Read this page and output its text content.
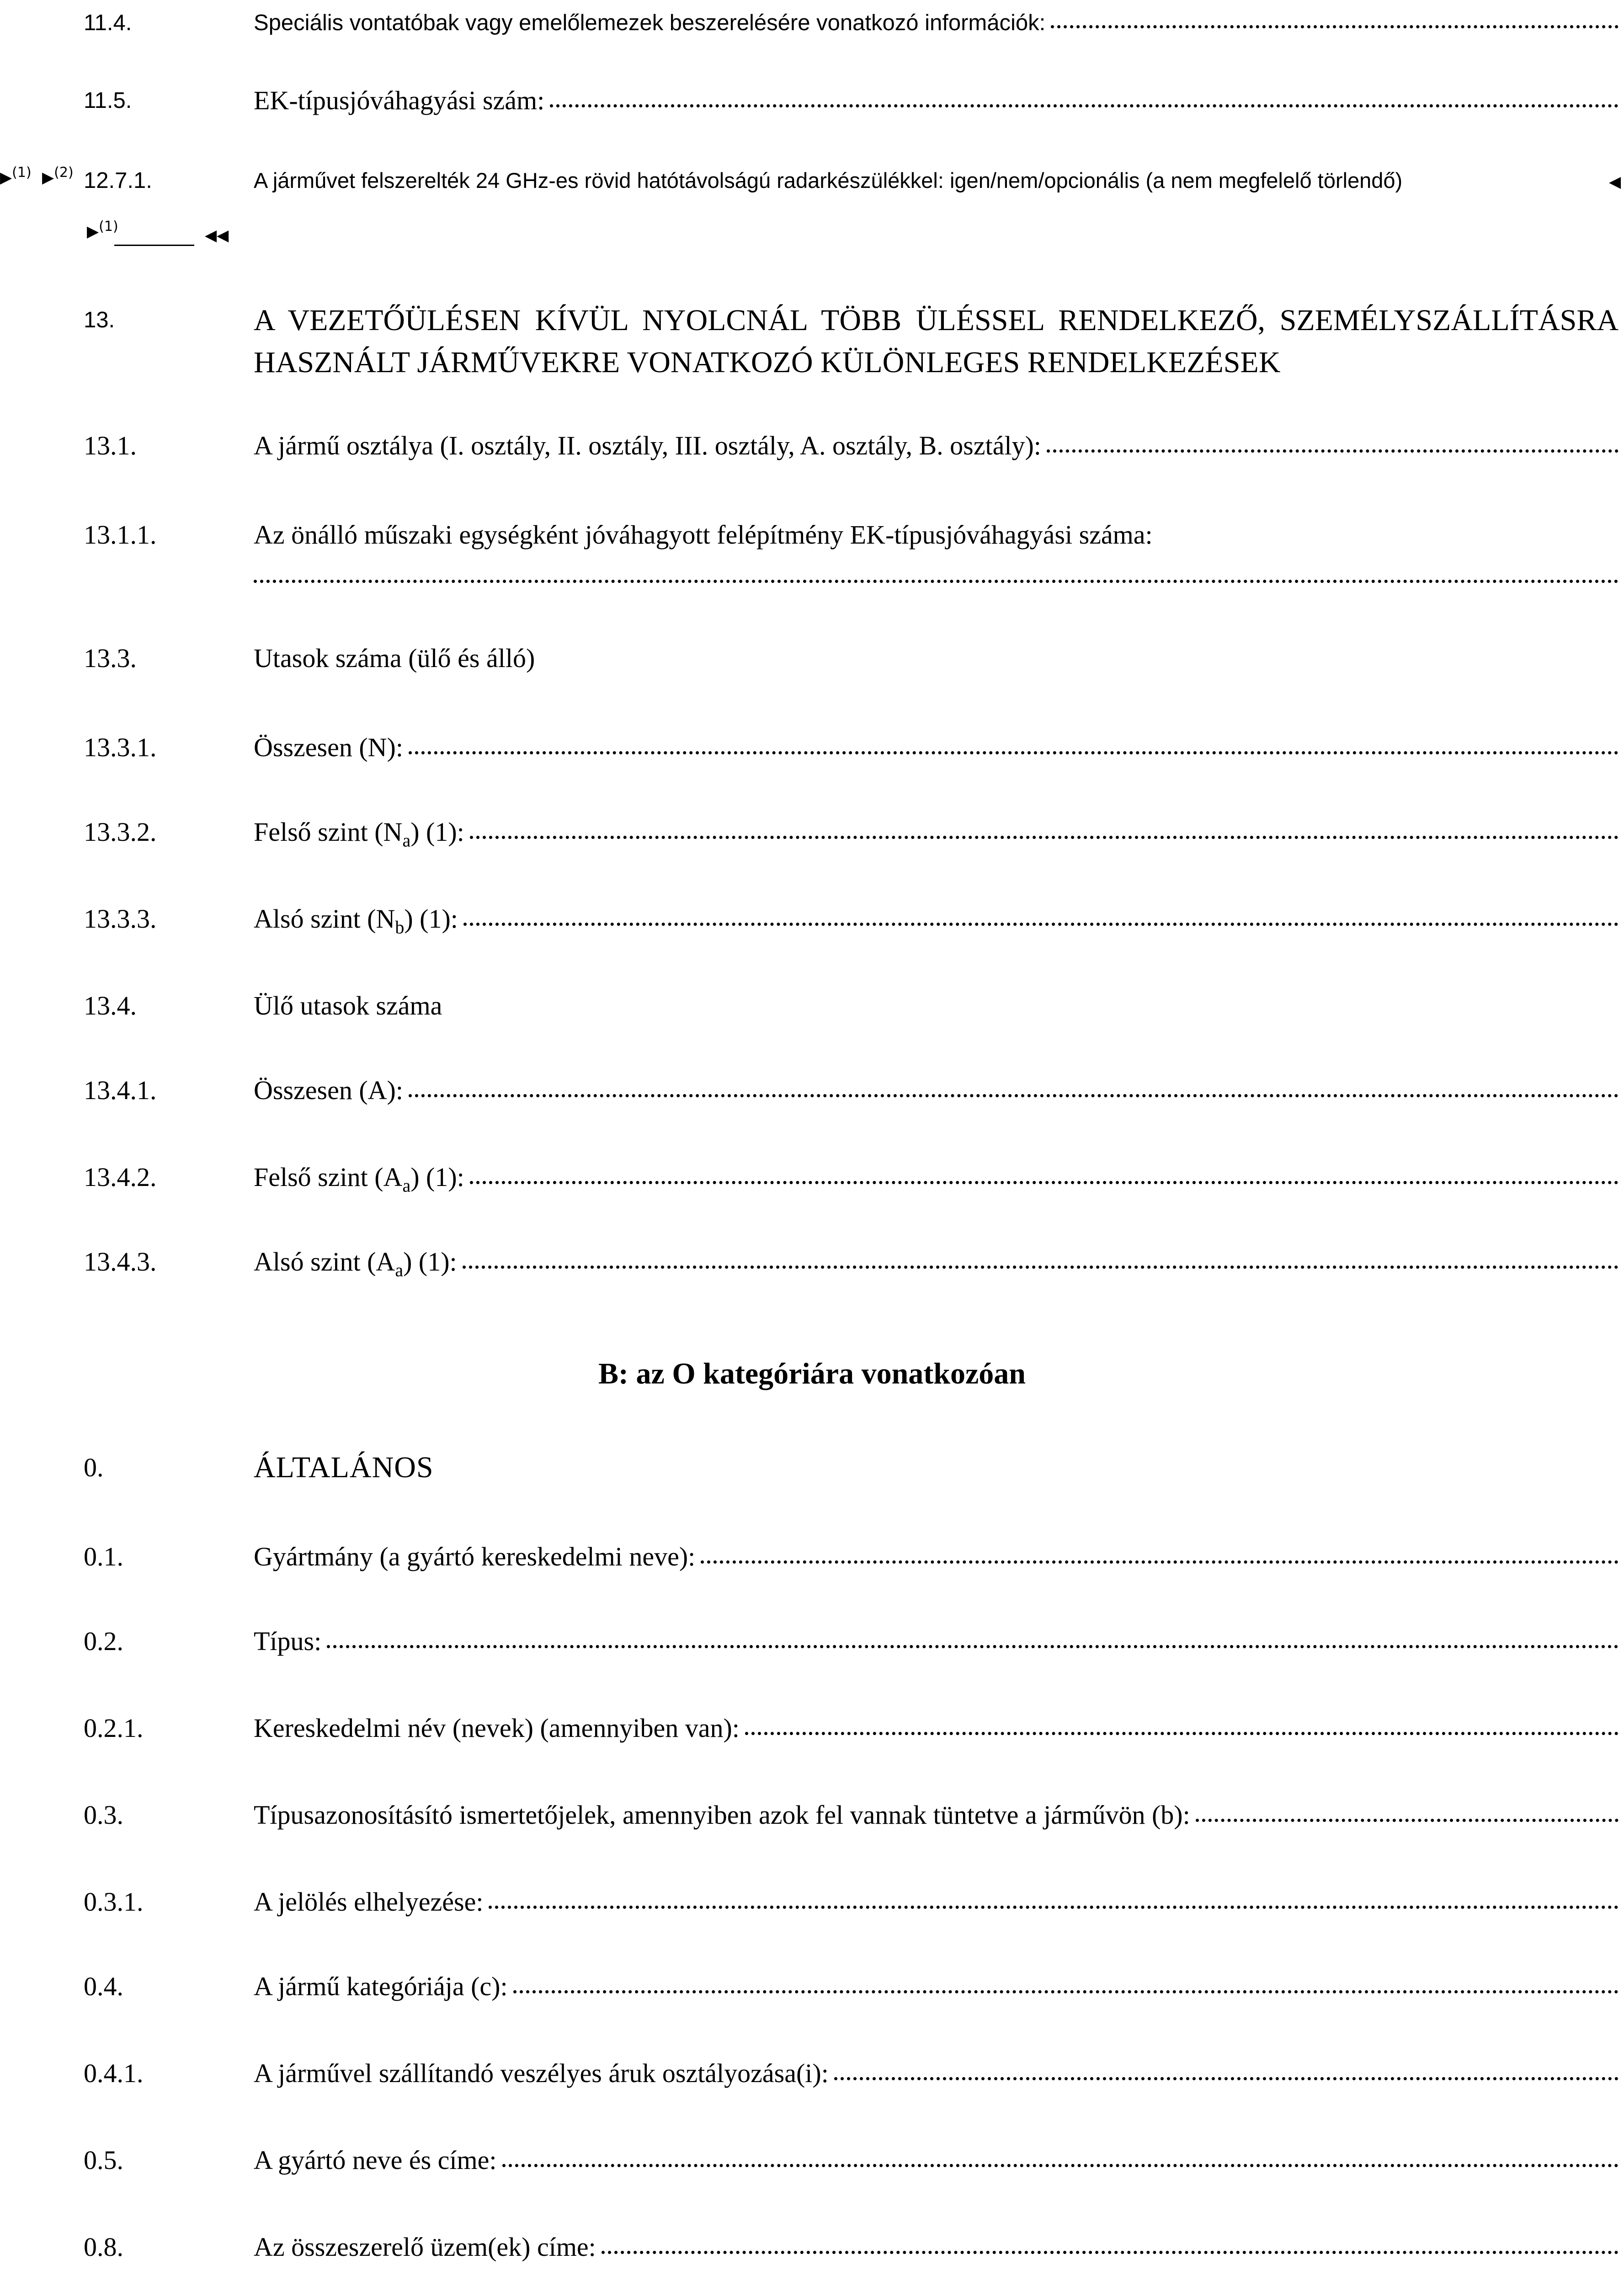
11.4.	Speciális vontatóbak vagy emelőlemezek beszerelésére vonatkozó információk:
11.5.	EK-típusjóváhagyási szám:
▶(1) ▶(2) 12.7.1.	A járművet felszerelték 24 GHz-es rövid hatótávolságú radarkészülékkel: igen/nem/opcionális (a nem megfelelő törlendő)	◀
▶(1)	◀◀
13.	A VEZETŐÜLÉSEN KÍVÜL NYOLCNÁL TÖBB ÜLÉSSEL RENDELKEZŐ, SZEMÉLYSZÁLLÍTÁSRA HASZNÁLT JÁRMŰVEKRE VONATKOZÓ KÜLÖNLEGES RENDELKEZÉSEK
13.1.	A jármű osztálya (I. osztály, II. osztály, III. osztály, A. osztály, B. osztály):
13.1.1.	Az önálló műszaki egységként jóváhagyott felépítmény EK-típusjóváhagyási száma:
13.3.	Utasok száma (ülő és álló)
13.3.1.	Összesen (N):
13.3.2.	Felső szint $(N_a)$ (1):
13.3.3.	Alsó szint $(N_b)$ (1):
13.4.	Ülő utasok száma
13.4.1.	Összesen (A):
13.4.2.	Felső szint $(A_a)$ (1):
13.4.3.	Alsó szint $(A_a)$ (1):
B: az O kategóriára vonatkozóan
0.	ÁLTALÁNOS
0.1.	Gyártmány (a gyártó kereskedelmi neve):
0.2.	Típus:
0.2.1.	Kereskedelmi név (nevek) (amennyiben van):
0.3.	Típusazonosításító ismertetőjelek, amennyiben azok fel vannak tüntetve a járművön (b):
0.3.1.	A jelölés elhelyezése:
0.4.	A jármű kategóriája (c):
0.4.1.	A járművel szállítandó veszélyes áruk osztályozása(i):
0.5.	A gyártó neve és címe:
0.8.	Az összeszerelő üzem(ek) címe:
